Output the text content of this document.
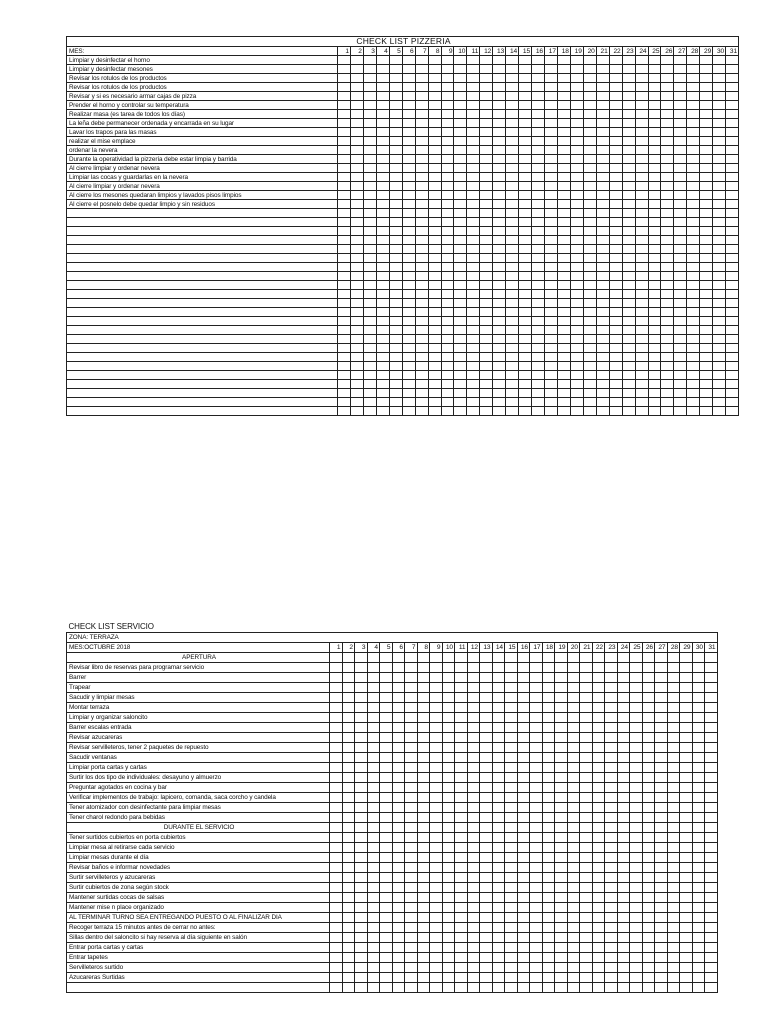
CHECK LIST PIZZERIA																															
MES:	1	2	3	4	5	6	7	8	9	10	11	12	13	14	15	16	17	18	19	20	21	22	23	24	25	26	27	28	29	30	31
Limpiar y desinfectar el horno																															
Limpiar y desinfectar mesones																															
Revisar los rotulos de los productos																															
Revisar los rotulos de los productos																															
Revisar y si es necesario armar cajas de pizza																															
Prender el horno y controlar su temperatura																															
Realizar masa (es tarea de todos los días)																															
La leña debe permanecer ordenada y encarrada en su lugar																															
Lavar los trapos para las masas																															
realizar el mise emplace																															
ordenar la nevera																															
Durante la operatividad la pizzería debe estar limpia y barrida																															
Al cierre limpiar y ordenar nevera																															
Limpiar las cocas y guardarlas en la nevera																															
Al cierre limpiar y ordenar nevera																															
Al cierre los mesones quedaran limpios y lavados pisos limpios																															
Al cierre el posnelo debe quedar limpio y sin residuos																															

CHECK LIST SERVICIO																															
ZONA: TERRAZA																															
MES:OCTUBRE 2018	1	2	3	4	5	6	7	8	9	10	11	12	13	14	15	16	17	18	19	20	21	22	23	24	25	26	27	28	29	30	31
APERTURA																															
Revisar libro de reservas para programar servicio																															
Barrer																															
Trapear																															
Sacudir y limpiar mesas																															
Montar terraza																															
Limpiar y organizar saloncito																															
Barrer escalas entrada																															
Revisar azucareras																															
Revisar servilleteros, tener 2 paquetes de repuesto																															
Sacudir ventanas																															
Limpiar porta cartas y cartas																															
Surtir los dos tipo de individuales: desayuno y almuerzo																															
Preguntar agotados en cocina y bar																															
Verificar implementos de trabajo: lapicero, comanda, saca corcho y candela																															
Tener atomizador con desinfectante para limpiar mesas																															
Tener charol redondo para bebidas																															
DURANTE EL SERVICIO																															
Tener surtidos cubiertos en porta cubiertos																															
Limpiar mesa al retirarse cada servicio																															
Limpiar mesas durante el día																															
Revisar baños e informar novedades																															
Surtir servilleteros y azucareras																															
Surtir cubiertos de zona según stock																															
Mantener surtidas cocas de salsas																															
Mantener mise n place organizado																															
AL TERMINAR TURNO SEA ENTREGANDO PUESTO O AL FINALIZAR DIA																															
Recoger terraza 15 minutos antes de cerrar no antes:																															
Sillas dentro del saloncito si hay reserva al día siguiente en salón																															
Entrar porta cartas y cartas																															
Entrar tapetes																															
Servilleteros surtido																															
Azucareras Surtidas																															
